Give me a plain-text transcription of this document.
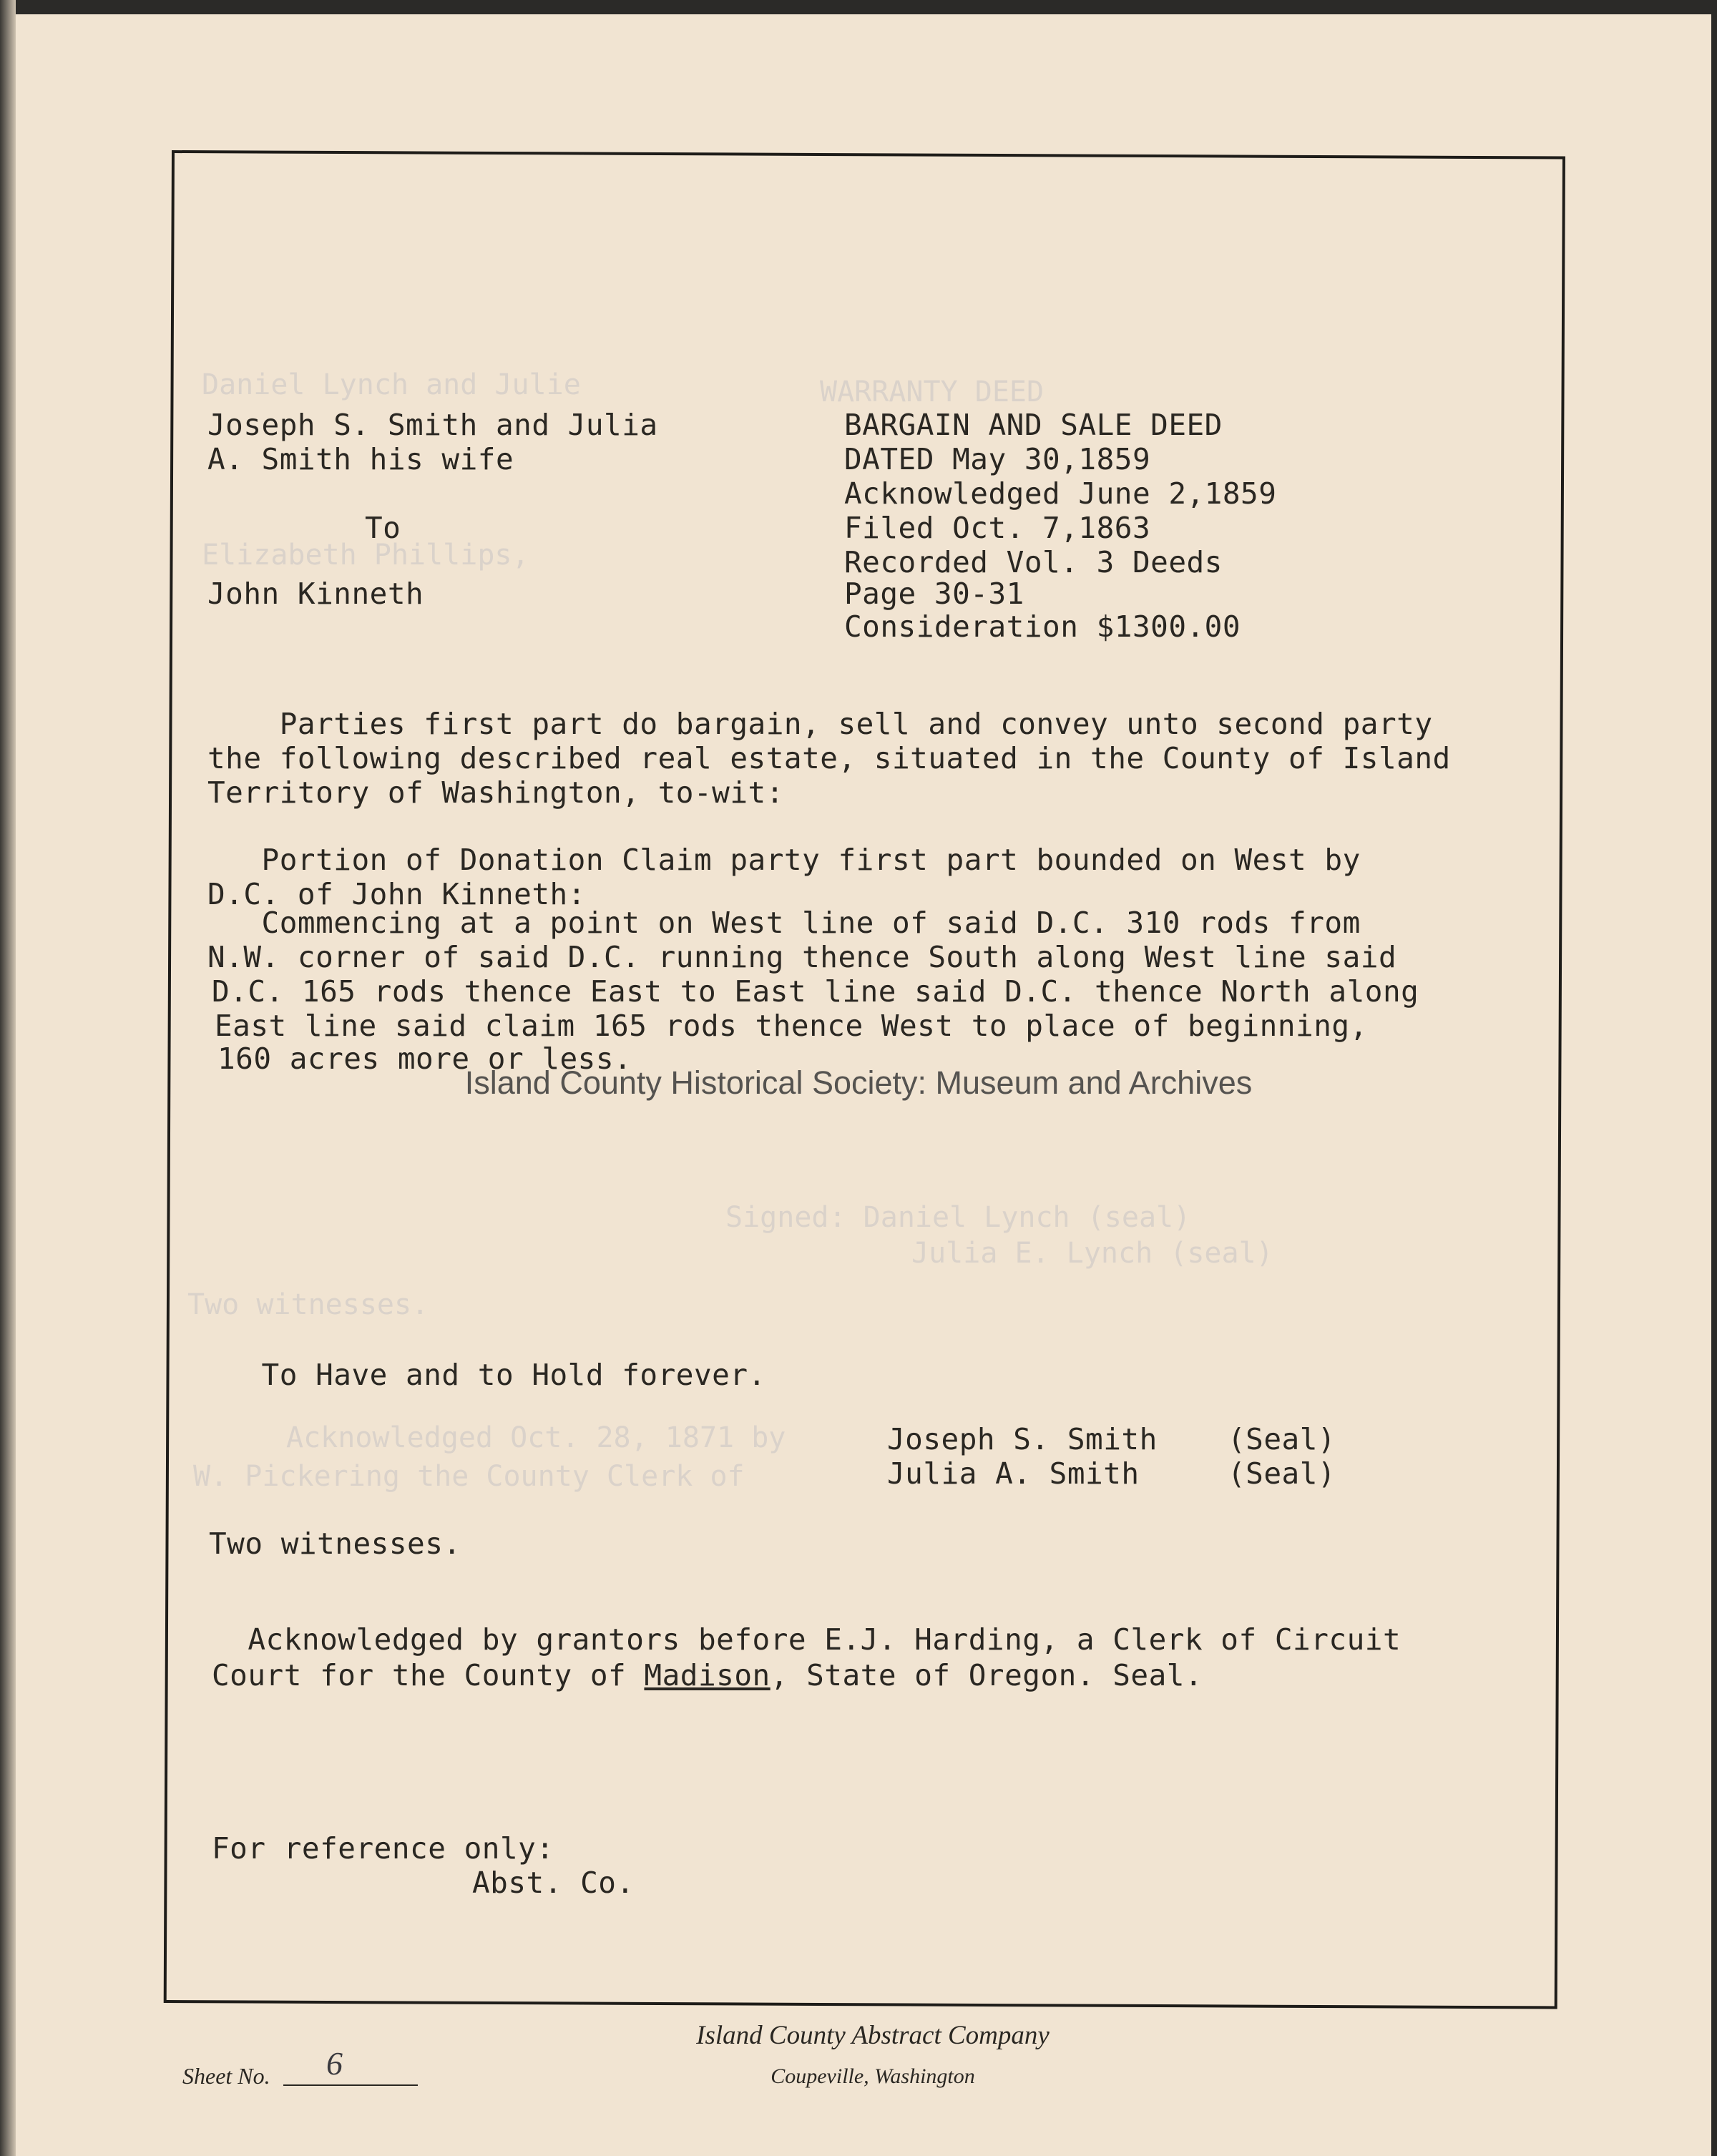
Daniel Lynch and Julie	WARRANTY DEED
Elizabeth Phillips,
Signed: Daniel Lynch (seal)
Julia E. Lynch (seal)
Two witnesses.
Acknowledged Oct. 28, 1871 by
W. Pickering the County Clerk of
Joseph S. Smith and Julia
A. Smith his wife
To
John Kinneth
BARGAIN AND SALE DEED
DATED May 30,1859
Acknowledged June 2,1859
Filed Oct. 7,1863
Recorded Vol. 3 Deeds
Page 30-31
Consideration $1300.00
Parties first part do bargain, sell and convey unto second party
the following described real estate, situated in the County of Island
Territory of Washington, to-wit:
Portion of Donation Claim party first part bounded on West by
D.C. of John Kinneth:
Commencing at a point on West line of said D.C. 310 rods from
N.W. corner of said D.C. running thence South along West line said
D.C. 165 rods thence East to East line said D.C. thence North along
East line said claim 165 rods thence West to place of beginning,
160 acres more or less.
Island County Historical Society: Museum and Archives
To Have and to Hold forever.
Joseph S. Smith (Seal)
Julia A. Smith	(Seal)
Two witnesses.
Acknowledged by grantors before E.J. Harding, a Clerk of Circuit
Court for the County of Madison, State of Oregon. Seal.
For reference only:
Abst. Co.
Island County Abstract Company
Coupeville, Washington
Sheet No. 6
